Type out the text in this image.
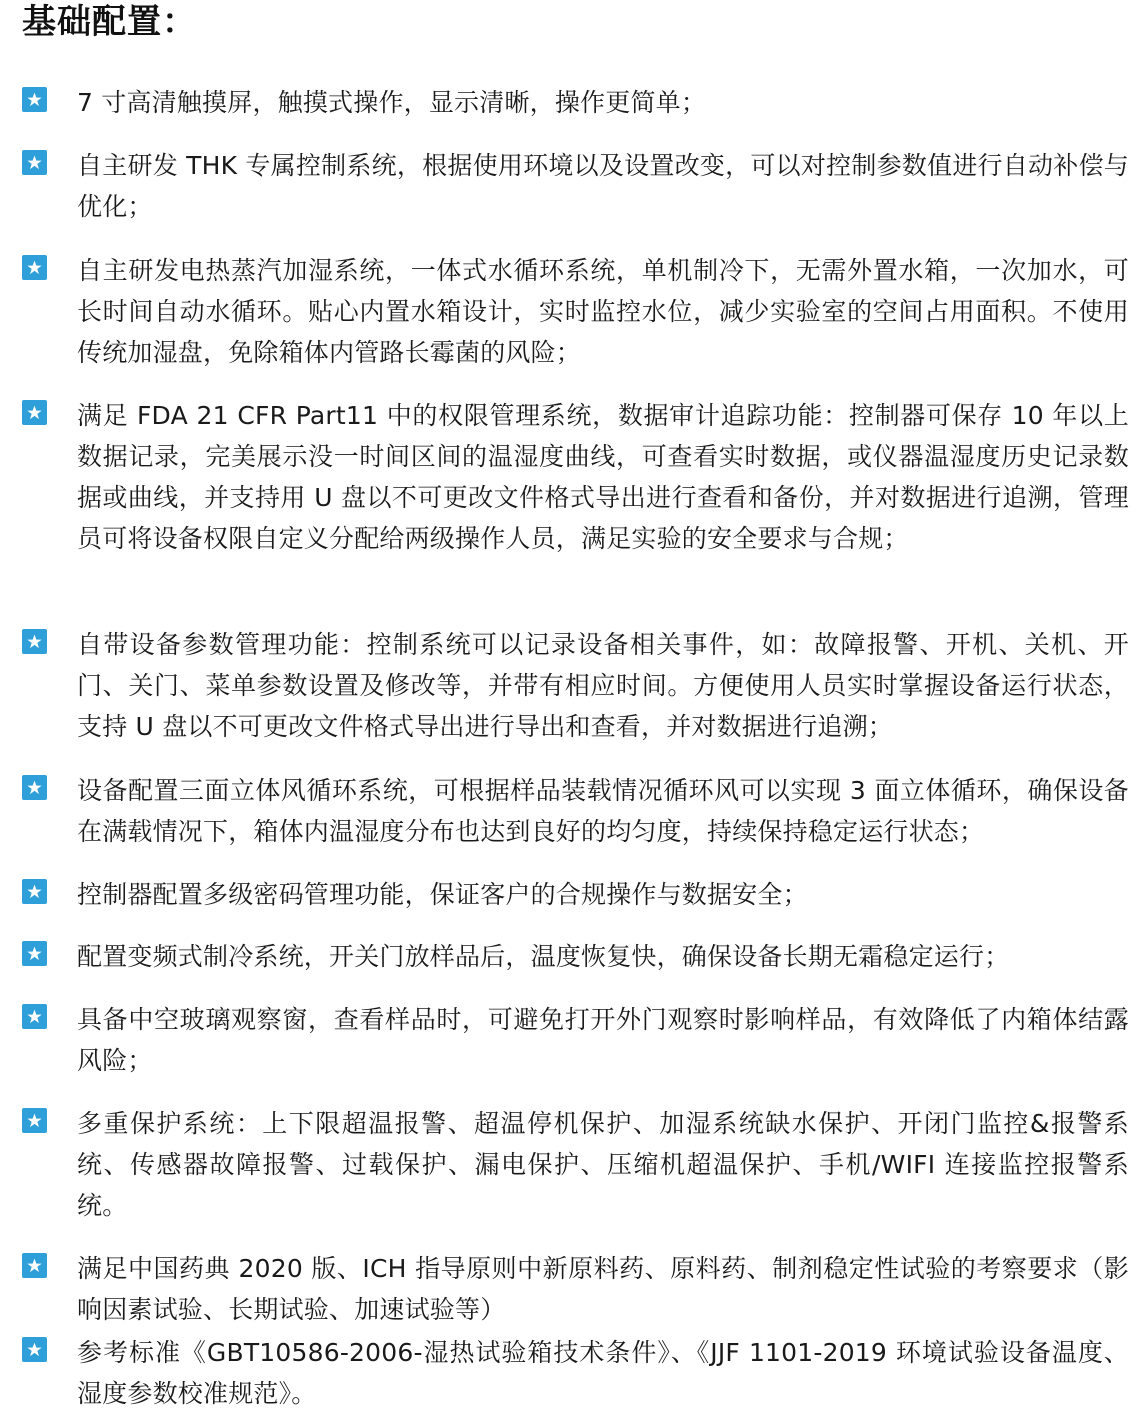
基础配置：
7 寸高清触摸屏，触摸式操作，显示清晰，操作更简单；
自主研发 THK 专属控制系统，根据使用环境以及设置改变，可以对控制参数值进行自动补偿与优化；
自主研发电热蒸汽加湿系统，一体式水循环系统，单机制冷下，无需外置水箱，一次加水，可长时间自动水循环。贴心内置水箱设计，实时监控水位，减少实验室的空间占用面积。不使用传统加湿盘，免除箱体内管路长霉菌的风险；
满足 FDA 21 CFR Part11 中的权限管理系统，数据审计追踪功能：控制器可保存 10 年以上数据记录，完美展示没一时间区间的温湿度曲线，可查看实时数据，或仪器温湿度历史记录数据或曲线，并支持用 U 盘以不可更改文件格式导出进行查看和备份，并对数据进行追溯，管理员可将设备权限自定义分配给两级操作人员，满足实验的安全要求与合规；
自带设备参数管理功能：控制系统可以记录设备相关事件，如：故障报警、开机、关机、开门、关门、菜单参数设置及修改等，并带有相应时间。方便使用人员实时掌握设备运行状态，支持 U 盘以不可更改文件格式导出进行导出和查看，并对数据进行追溯；
设备配置三面立体风循环系统，可根据样品装载情况循环风可以实现 3 面立体循环，确保设备在满载情况下，箱体内温湿度分布也达到良好的均匀度，持续保持稳定运行状态；
控制器配置多级密码管理功能，保证客户的合规操作与数据安全；
配置变频式制冷系统，开关门放样品后，温度恢复快，确保设备长期无霜稳定运行；
具备中空玻璃观察窗，查看样品时，可避免打开外门观察时影响样品，有效降低了内箱体结露风险；
多重保护系统：上下限超温报警、超温停机保护、加湿系统缺水保护、开闭门监控&报警系统、传感器故障报警、过载保护、漏电保护、压缩机超温保护、手机/WIFI 连接监控报警系统。
满足中国药典 2020 版、ICH 指导原则中新原料药、原料药、制剂稳定性试验的考察要求（影响因素试验、长期试验、加速试验等）
参考标准《GBT10586-2006-湿热试验箱技术条件》、《JJF 1101-2019 环境试验设备温度、湿度参数校准规范》。
